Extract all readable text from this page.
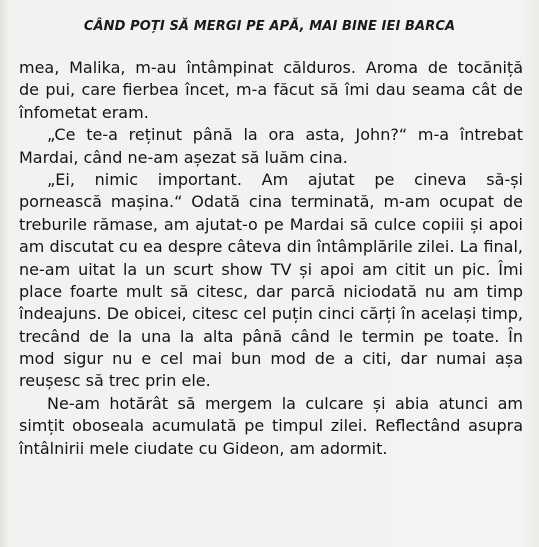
CÂND POȚI SĂ MERGI PE APĂ, MAI BINE IEI BARCA
mea, Malika, m-au întâmpinat călduros. Aroma de tocăniță
de pui, care fierbea încet, m-a făcut să îmi dau seama cât de
înfometat eram.
„Ce te-a reținut până la ora asta, John?“ m-a întrebat
Mardai, când ne-am așezat să luăm cina.
„Ei, nimic important. Am ajutat pe cineva să-și
pornească mașina.“ Odată cina terminată, m-am ocupat de
treburile rămase, am ajutat-o pe Mardai să culce copiii și apoi
am discutat cu ea despre câteva din întâmplările zilei. La final,
ne-am uitat la un scurt show TV și apoi am citit un pic. Îmi
place foarte mult să citesc, dar parcă niciodată nu am timp
îndeajuns. De obicei, citesc cel puțin cinci cărți în același timp,
trecând de la una la alta până când le termin pe toate. În
mod sigur nu e cel mai bun mod de a citi, dar numai așa
reușesc să trec prin ele.
Ne-am hotărât să mergem la culcare și abia atunci am
simțit oboseala acumulată pe timpul zilei. Reflectând asupra
întâlnirii mele ciudate cu Gideon, am adormit.
